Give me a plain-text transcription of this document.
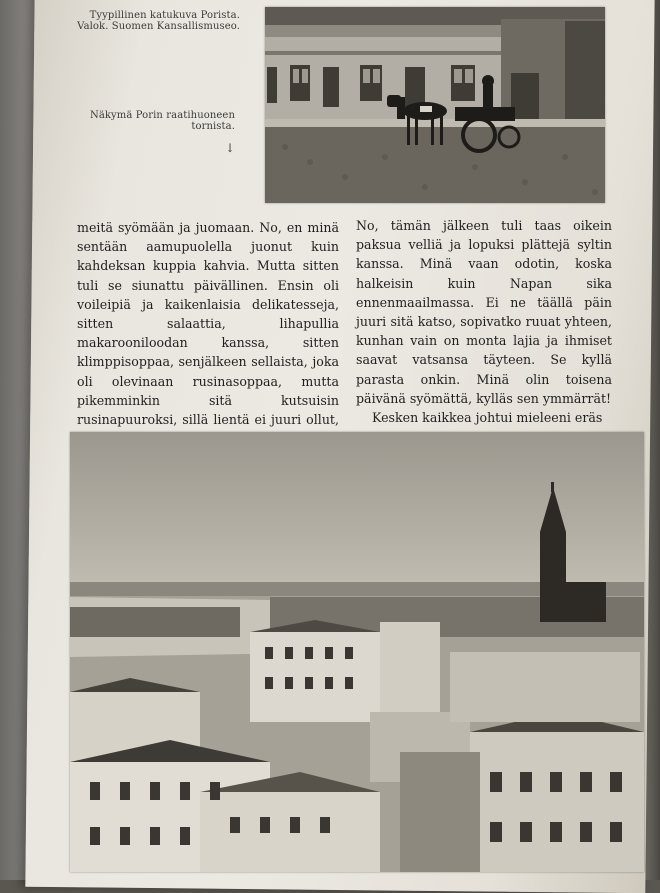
Tyypillinen katukuva Porista.
Valok. Suomen Kansallismuseo.
Näkymä Porin raatihuoneen
tornista.
↓

meitä syömään ja juomaan. No, en minä sentään aamupuolella juonut kuin kahdeksan kuppia kahvia. Mutta sitten tuli se siunattu päivällinen. Ensin oli voileipiä ja kaikenlaisia delikatesseja, sitten salaattia, lihapullia makarooniloodan kanssa, sitten klimppisoppaa, senjälkeen sellaista, joka oli olevinaan rusinasoppaa, mutta pikemminkin sitä kutsuisin rusinapuuroksi, sillä lientä ei juuri ollut,

No, tämän jälkeen tuli taas oikein paksua velliä ja lopuksi plättejä syltin kanssa. Minä vaan odotin, koska halkeisin kuin Napan sika ennenmaailmassa. Ei ne täällä päin juuri sitä katso, sopivatko ruuat yhteen, kunhan vain on monta lajia ja ihmiset saavat vatsansa täyteen. Se kyllä parasta onkin. Minä olin toisena päivänä syömättä, kylläs sen ymmärrät!

Kesken kaikkea johtui mieleeni eräs
